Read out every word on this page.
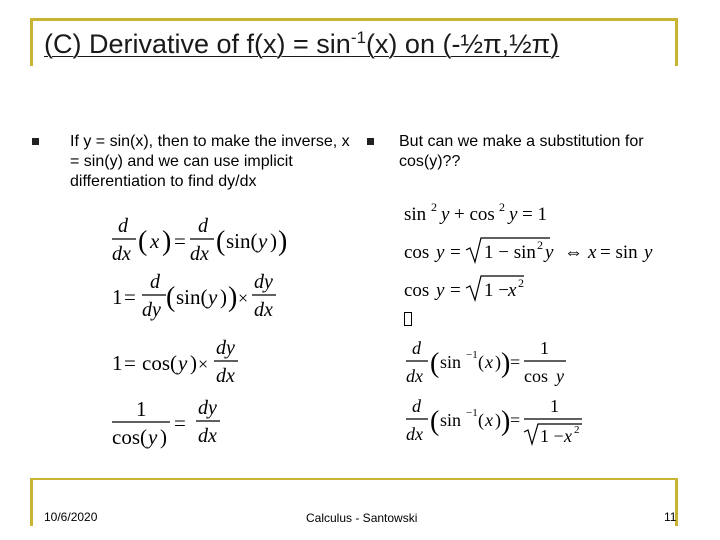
(C) Derivative of $f(x) = \sin^{-1}(x)$ on (-½π,½π)
If y = sin(x), then to make the inverse, x = sin(y) and we can use implicit differentiation to find dy/dx
But can we make a substitution for cos(y)??
d
dx ( x ) =
d
dx ( sin( y ) )
1 =
d
dy ( sin( y ) ) ×
dy
dx
1 = cos( y ) ×
dy
dx
1
cos( y )
=
dy
dx
sin 2 y + cos 2 y = 1
cos y = 1 − sin 2 y ⇔ x = sin y
cos y = 1 − x 2
d
dx ( sin −1 ( x ) ) =
1
cos y
d
dx ( sin −1 ( x ) ) =
1
1 − x 2
10/6/2020	Calculus - Santowski	11
